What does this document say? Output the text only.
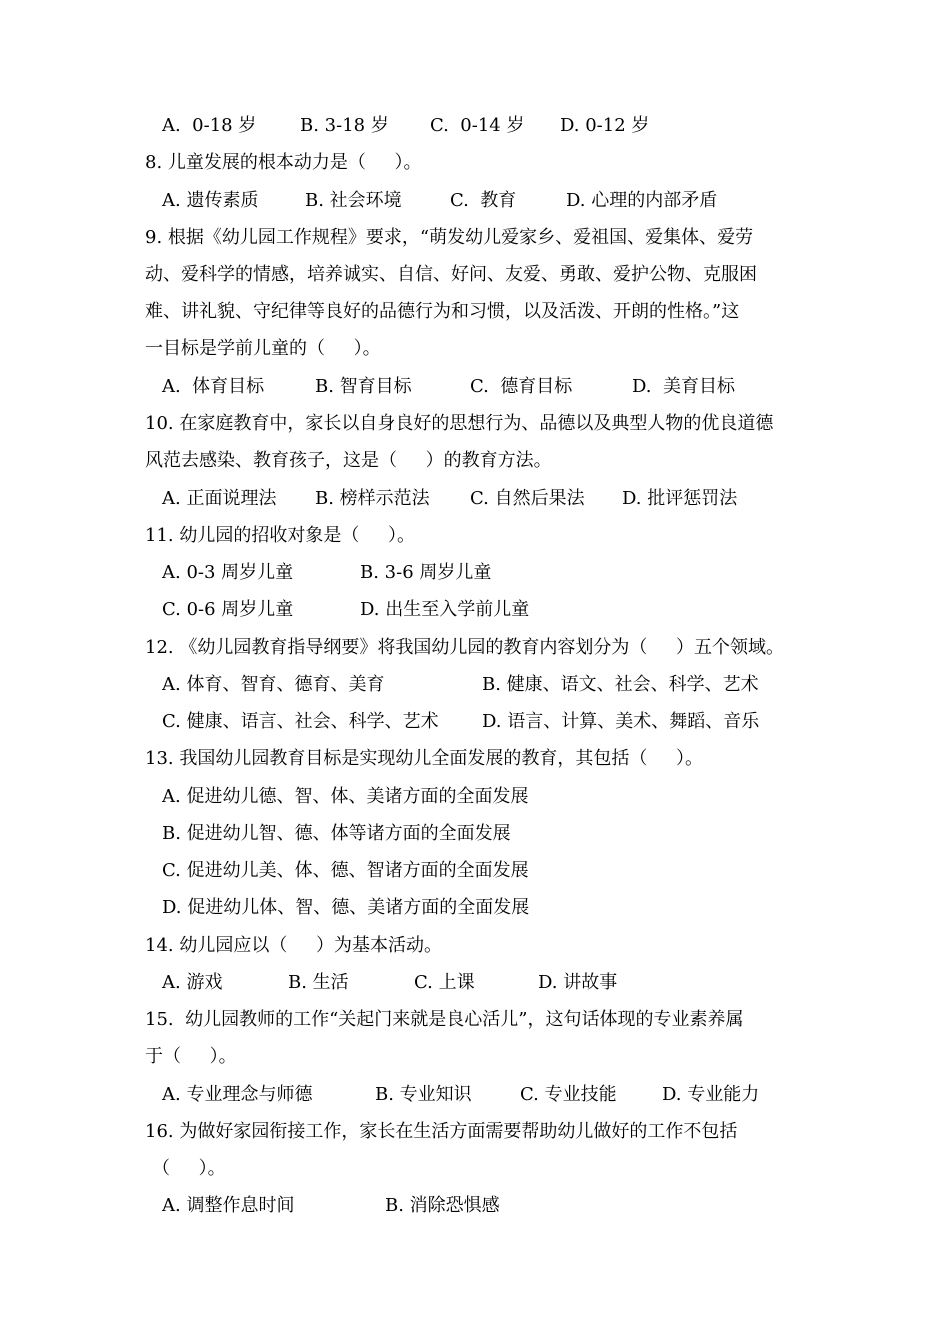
A.  0-18 岁 B. 3-18 岁 C.  0-14 岁 D. 0-12 岁
8. 儿童发展的根本动力是（     ）。
A. 遗传素质	B. 社会环境	C.  教育	D. 心理的内部矛盾
9. 根据《幼儿园工作规程》要求，“萌发幼儿爱家乡、爱祖国、爱集体、爱劳
动、爱科学的情感，培养诚实、自信、好问、友爱、勇敢、爱护公物、克服困
难、讲礼貌、守纪律等良好的品德行为和习惯，以及活泼、开朗的性格。”这
一目标是学前儿童的（     ）。
A.  体育目标	B. 智育目标	C.  德育目标	D.  美育目标
10. 在家庭教育中，家长以自身良好的思想行为、品德以及典型人物的优良道德
风范去感染、教育孩子，这是（     ）的教育方法。
A. 正面说理法 B. 榜样示范法 C. 自然后果法 D. 批评惩罚法
11. 幼儿园的招收对象是（     ）。
A. 0-3 周岁儿童	B. 3-6 周岁儿童
C. 0-6 周岁儿童	D. 出生至入学前儿童
12. 《幼儿园教育指导纲要》将我国幼儿园的教育内容划分为（     ）五个领域。
A. 体育、智育、德育、美育	B. 健康、语文、社会、科学、艺术
C. 健康、语言、社会、科学、艺术 D. 语言、计算、美术、舞蹈、音乐
13. 我国幼儿园教育目标是实现幼儿全面发展的教育，其包括（     ）。
A. 促进幼儿德、智、体、美诸方面的全面发展
B. 促进幼儿智、德、体等诸方面的全面发展
C. 促进幼儿美、体、德、智诸方面的全面发展
D. 促进幼儿体、智、德、美诸方面的全面发展
14. 幼儿园应以（     ）为基本活动。
A. 游戏	B. 生活	C. 上课	D. 讲故事
15.  幼儿园教师的工作“关起门来就是良心活儿”，这句话体现的专业素养属
于（     ）。
A. 专业理念与师德	B. 专业知识	C. 专业技能	D. 专业能力
16. 为做好家园衔接工作，家长在生活方面需要帮助幼儿做好的工作不包括
（     ）。
A. 调整作息时间	B. 消除恐惧感
